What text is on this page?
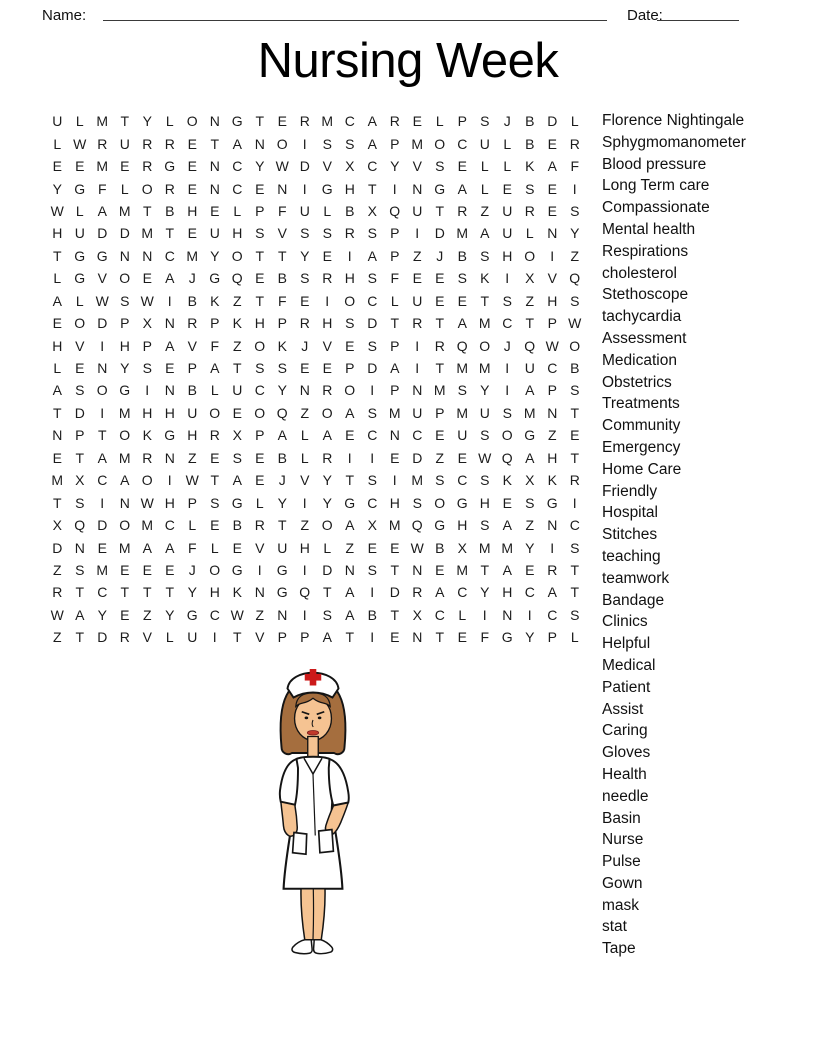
Name:	Date:
Nursing Week
U L M T Y L O N G T E R M C A R E L P S	J	B D L
L W R U R R E T A N O	I	S S A P M O C U L B E R
E E M E R G E N C Y W D V X C Y V S E L	L K A F
Y G F	L O R E N C E N	I	G H T	I	N G A L E S E	I
W L A M T B H E L P F U L B X Q U T R Z U R E S
H U D D M T E U H S V S S R S P	I	D M A U L N Y
T G G N N C M Y O T T Y E	I	A P Z	J	B S H O	I	Z
L G V O E A	J G Q E B S R H S F E E S K	I	X V Q
A L W S W I	B K Z T F E	I	O C L U E E T S Z H S
E O D P X N R P K H P R H S D T R T A M C T P W
H V	I	H P A V F Z O K	J	V E S P	I	R Q O J Q W O
L E N Y S E P A T S S E E P D A	I	T M M	I	U C B
A S O G	I	N B L U C Y N R O	I	P N M S Y	I	A P S
T D	I	M H H U O E O Q Z O A S M U P M U S M N T
N P T O K G H R X P A L A E C N C E U S O G Z E
E T A M R N Z E S E B L R	I	I	E D Z E W Q A H T
M X C A O	I W T A E	J	V Y T S	I	M S C S K X K R
T S	I	N W H P S G L Y	I	Y G C H S O G H E S G	I
X Q D O M C L E B R T Z O A X M Q G H S A Z N C
D N E M A A F	L E V U H L	Z E E W B X M M Y	I	S
Z S M E E E	J O G	I	G	I	D N S T N E M T A E R T
R T C T T T Y H K N G Q T A	I	D R A C Y H C A T
W A Y E Z Y G C W Z N	I	S A B T X C L	I	N	I	C S
Z T D R V L U	I	T V P P A T	I	E N T E F G Y P L
Florence Nightingale
Sphygmomanometer
Blood pressure
Long Term care
Compassionate
Mental health
Respirations
cholesterol
Stethoscope
tachycardia
Assessment
Medication
Obstetrics
Treatments
Community
Emergency
Home Care
Friendly
Hospital
Stitches
teaching
teamwork
Bandage
Clinics
Helpful
Medical
Patient
Assist
Caring
Gloves
Health
needle
Basin
Nurse
Pulse
Gown
mask
stat
Tape
